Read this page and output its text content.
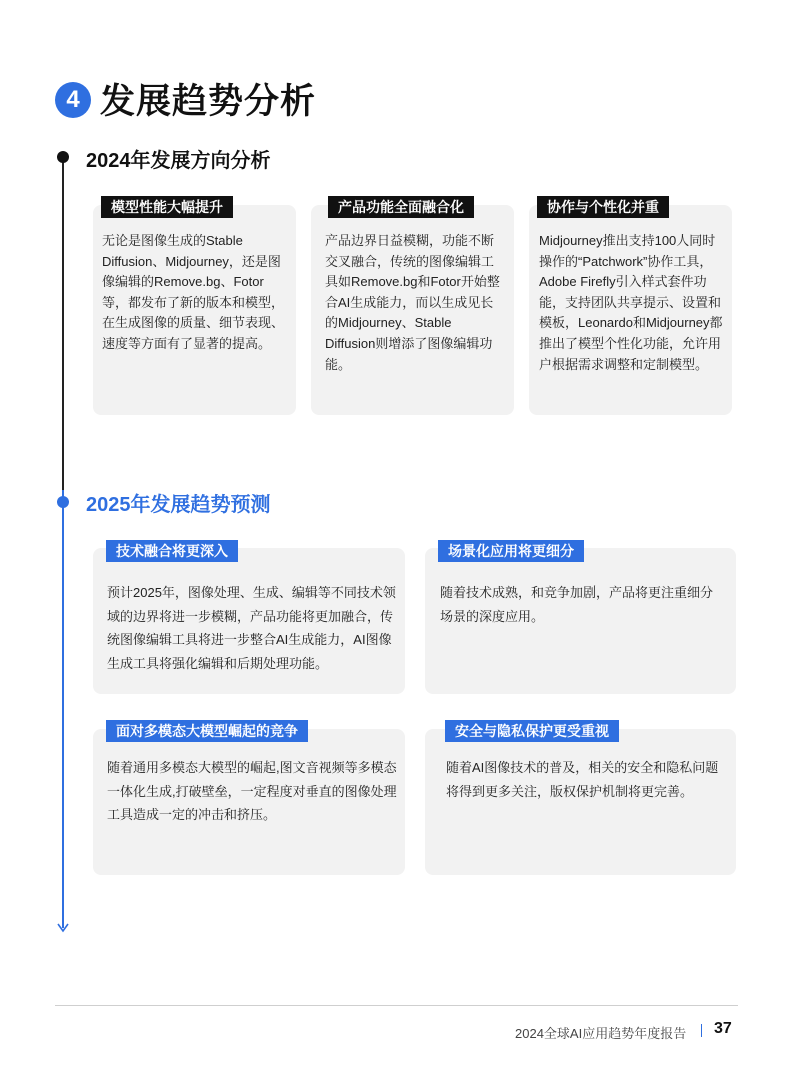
4 发展趋势分析
2024年发展方向分析
模型性能大幅提升
无论是图像生成的Stable Diffusion、Midjourney，还是图像编辑的Remove.bg、Fotor等，都发布了新的版本和模型，在生成图像的质量、细节表现、速度等方面有了显著的提高。
产品功能全面融合化
产品边界日益模糊，功能不断交叉融合，传统的图像编辑工具如Remove.bg和Fotor开始整合AI生成能力，而以生成见长的Midjourney、Stable Diffusion则增添了图像编辑功能。
协作与个性化并重
Midjourney推出支持100人同时操作的“Patchwork”协作工具，Adobe Firefly引入样式套件功能，支持团队共享提示、设置和模板，Leonardo和Midjourney都推出了模型个性化功能，允许用户根据需求调整和定制模型。
2025年发展趋势预测
技术融合将更深入
预计2025年，图像处理、生成、编辑等不同技术领域的边界将进一步模糊，产品功能将更加融合，传统图像编辑工具将进一步整合AI生成能力，AI图像生成工具将强化编辑和后期处理功能。
场景化应用将更细分
随着技术成熟，和竞争加剧，产品将更注重细分场景的深度应用。
面对多模态大模型崛起的竞争
随着通用多模态大模型的崛起,图文音视频等多模态一体化生成,打破壁垒，一定程度对垂直的图像处理工具造成一定的冲击和挤压。
安全与隐私保护更受重视
随着AI图像技术的普及，相关的安全和隐私问题将得到更多关注，版权保护机制将更完善。
2024全球AI应用趋势年度报告 37
